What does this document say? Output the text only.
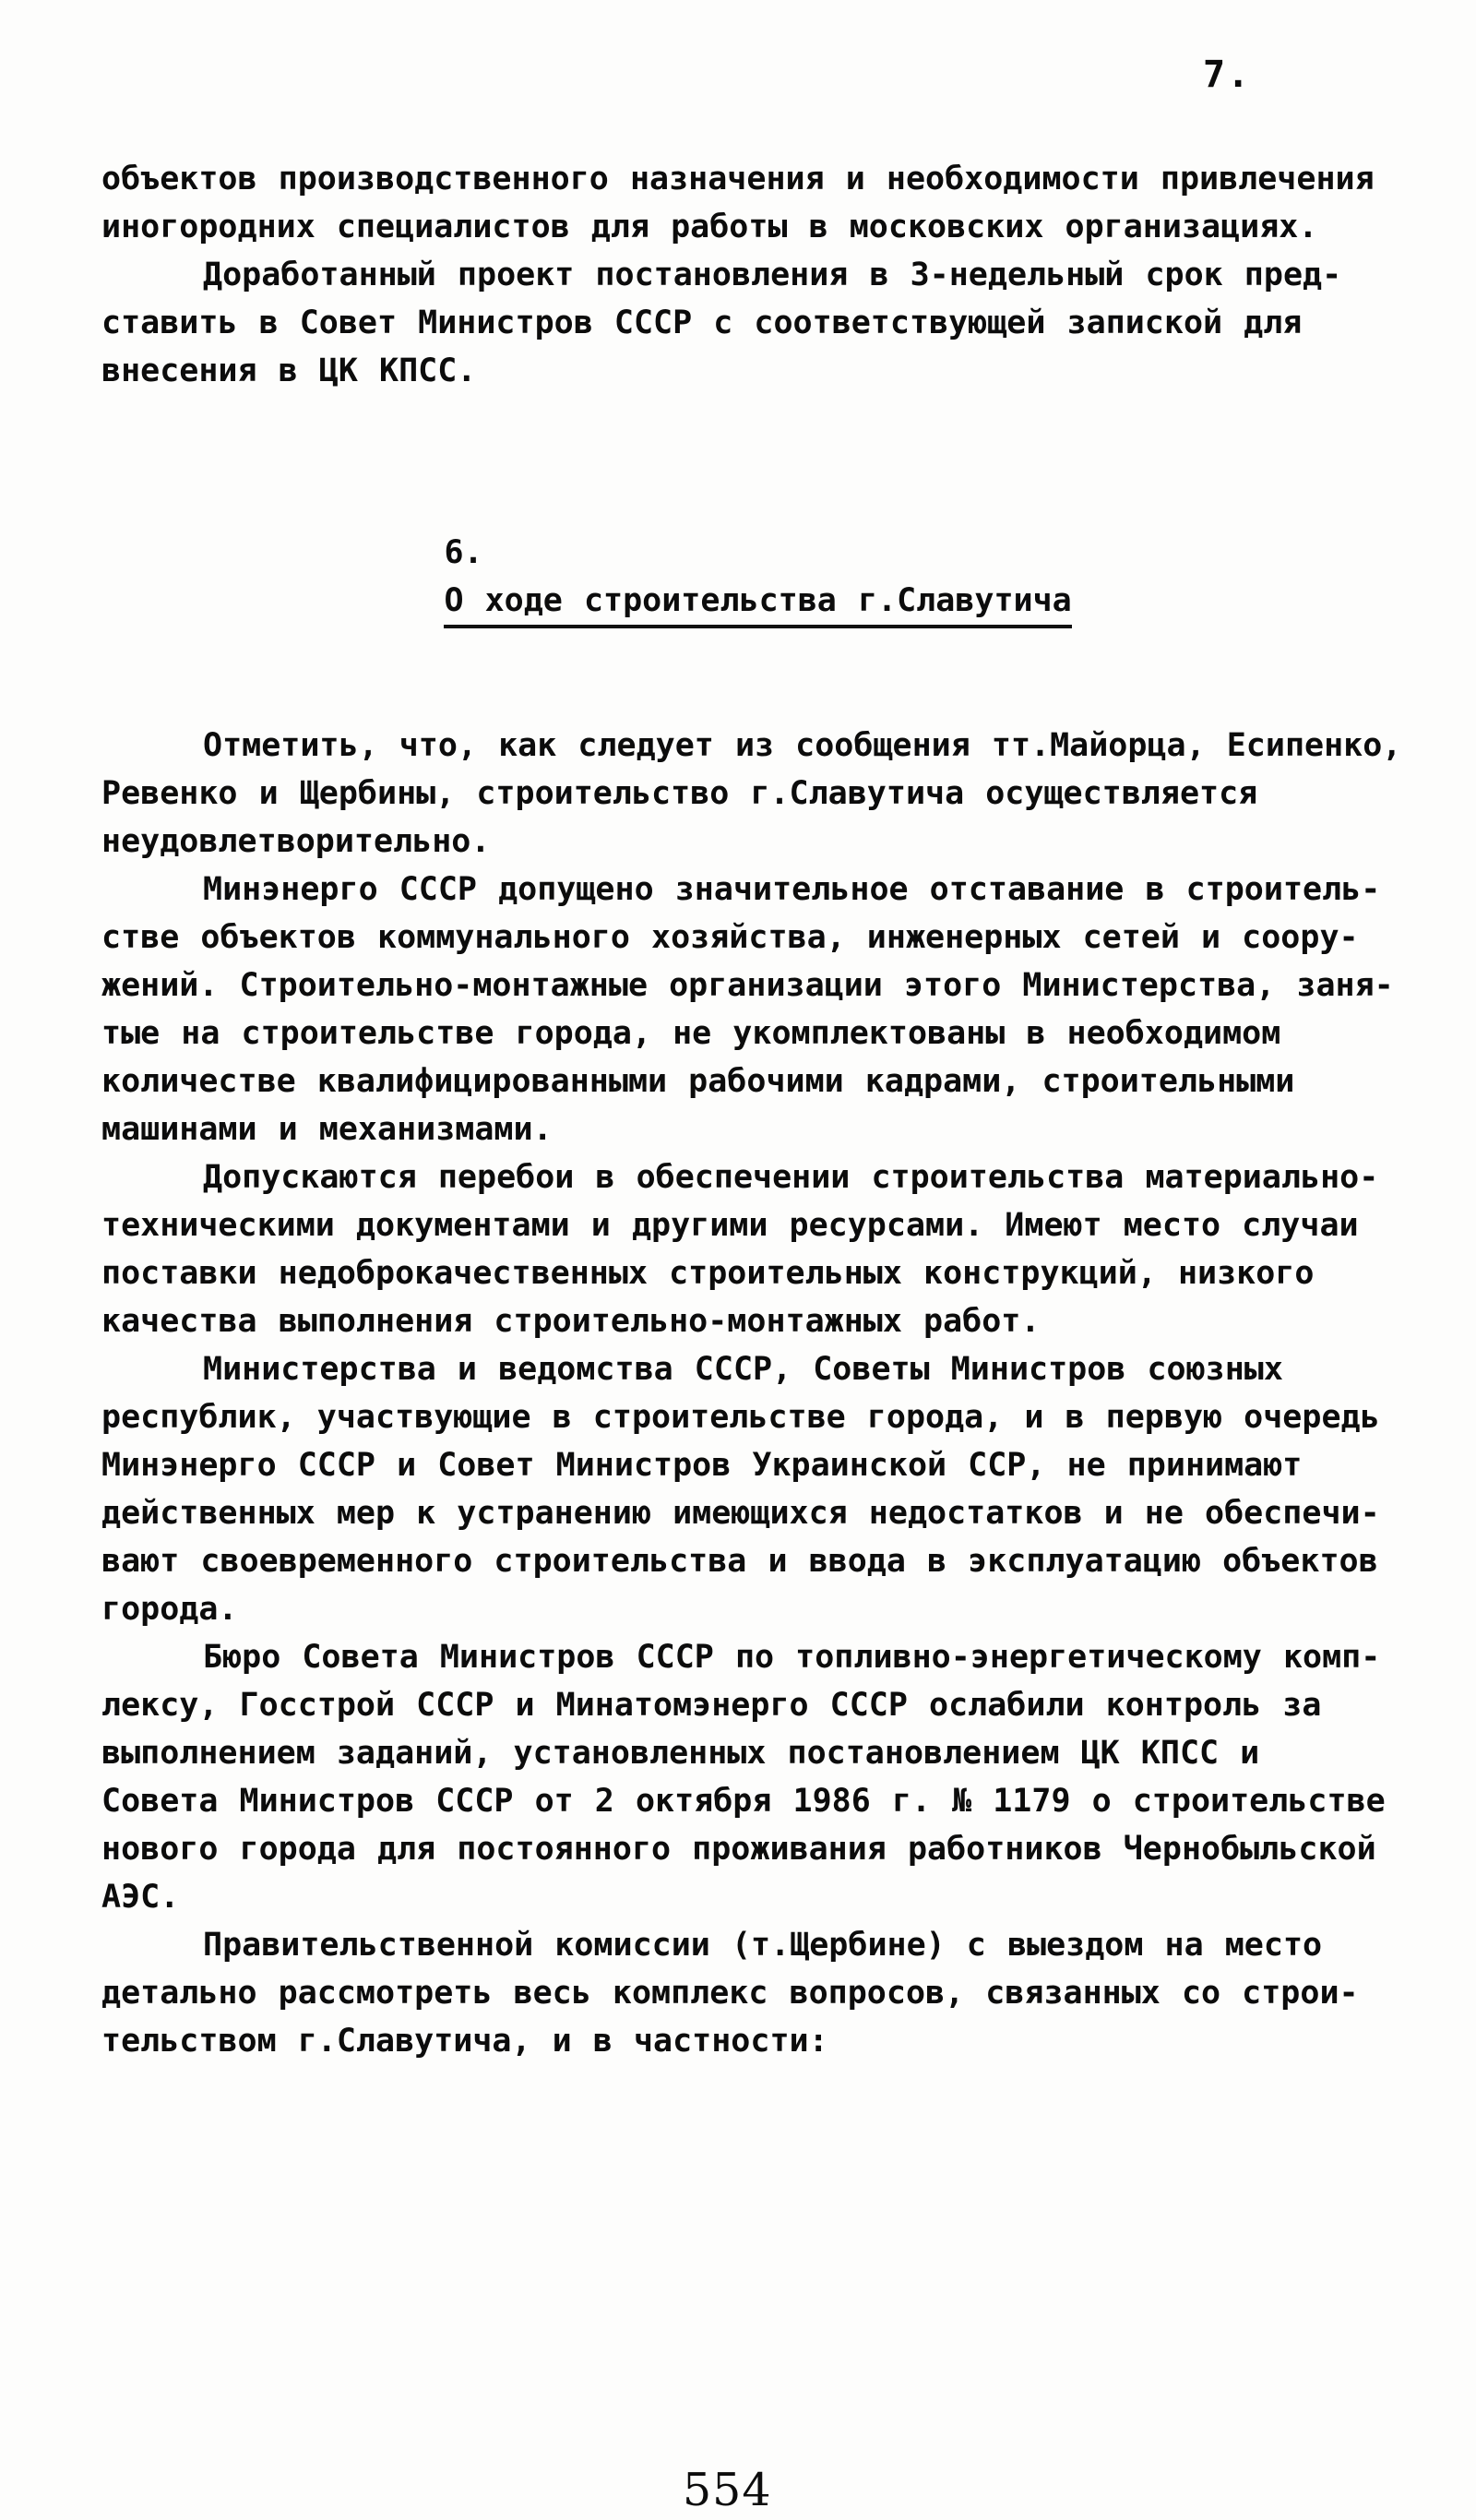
7.
объектов производственного назначения и необходимости привлечения
иногородних специалистов для работы в московских организациях.
Доработанный проект постановления в 3-недельный срок пред-
ставить в Совет Министров СССР с соответствующей запиской для
внесения в ЦК КПСС.

6.
О ходе строительства г.Славутича

Отметить, что, как следует из сообщения тт.Майорца, Есипенко,
Ревенко и Щербины, строительство г.Славутича осуществляется
неудовлетворительно.
Минэнерго СССР допущено значительное отставание в строитель-
стве объектов коммунального хозяйства, инженерных сетей и соору-
жений. Строительно-монтажные организации этого Министерства, заня-
тые на строительстве города, не укомплектованы в необходимом
количестве квалифицированными рабочими кадрами, строительными
машинами и механизмами.
Допускаются перебои в обеспечении строительства материально-
техническими документами и другими ресурсами. Имеют место случаи
поставки недоброкачественных строительных конструкций, низкого
качества выполнения строительно-монтажных работ.
Министерства и ведомства СССР, Советы Министров союзных
республик, участвующие в строительстве города, и в первую очередь
Минэнерго СССР и Совет Министров Украинской ССР, не принимают
действенных мер к устранению имеющихся недостатков и не обеспечи-
вают своевременного строительства и ввода в эксплуатацию объектов
города.
Бюро Совета Министров СССР по топливно-энергетическому комп-
лексу, Госстрой СССР и Минатомэнерго СССР ослабили контроль за
выполнением заданий, установленных постановлением ЦК КПСС и
Совета Министров СССР от 2 октября 1986 г. № 1179 о строительстве
нового города для постоянного проживания работников Чернобыльской
АЭС.
Правительственной комиссии (т.Щербине) с выездом на место
детально рассмотреть весь комплекс вопросов, связанных со строи-
тельством г.Славутича, и в частности:
554
